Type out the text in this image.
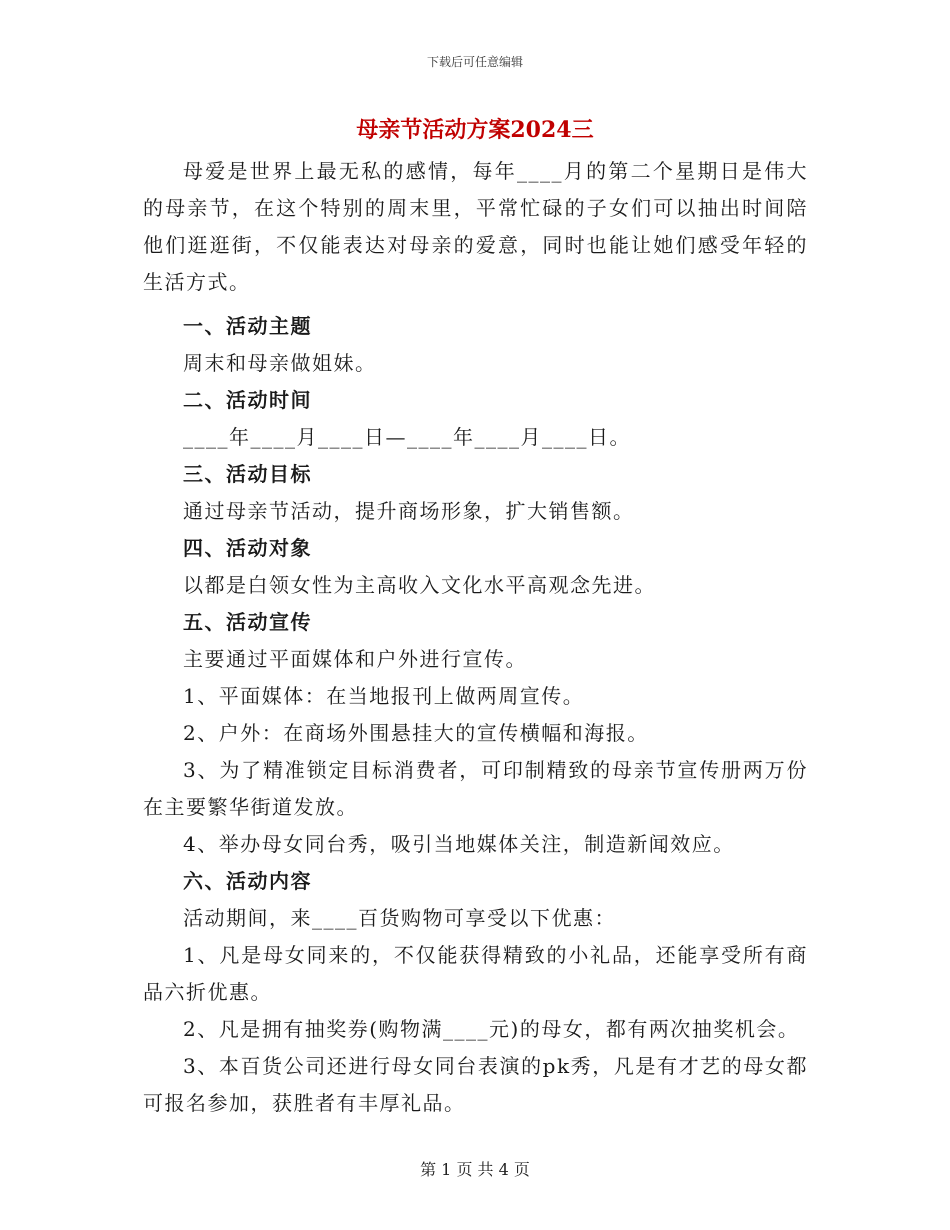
下载后可任意编辑
母亲节活动方案2024三

母爱是世界上最无私的感情，每年____月的第二个星期日是伟大的母亲节，在这个特别的周末里，平常忙碌的子女们可以抽出时间陪他们逛逛街，不仅能表达对母亲的爱意，同时也能让她们感受年轻的生活方式。

一、活动主题

周末和母亲做姐妹。

二、活动时间

____年____月____日—____年____月____日。

三、活动目标

通过母亲节活动，提升商场形象，扩大销售额。

四、活动对象

以都是白领女性为主高收入文化水平高观念先进。

五、活动宣传

主要通过平面媒体和户外进行宣传。

1、平面媒体：在当地报刊上做两周宣传。

2、户外：在商场外围悬挂大的宣传横幅和海报。

3、为了精准锁定目标消费者，可印制精致的母亲节宣传册两万份在主要繁华街道发放。

4、举办母女同台秀，吸引当地媒体关注，制造新闻效应。

六、活动内容

活动期间，来____百货购物可享受以下优惠：

1、凡是母女同来的，不仅能获得精致的小礼品，还能享受所有商品六折优惠。

2、凡是拥有抽奖券(购物满____元)的母女，都有两次抽奖机会。

3、本百货公司还进行母女同台表演的pk秀，凡是有才艺的母女都可报名参加，获胜者有丰厚礼品。

第 1 页 共 4 页
